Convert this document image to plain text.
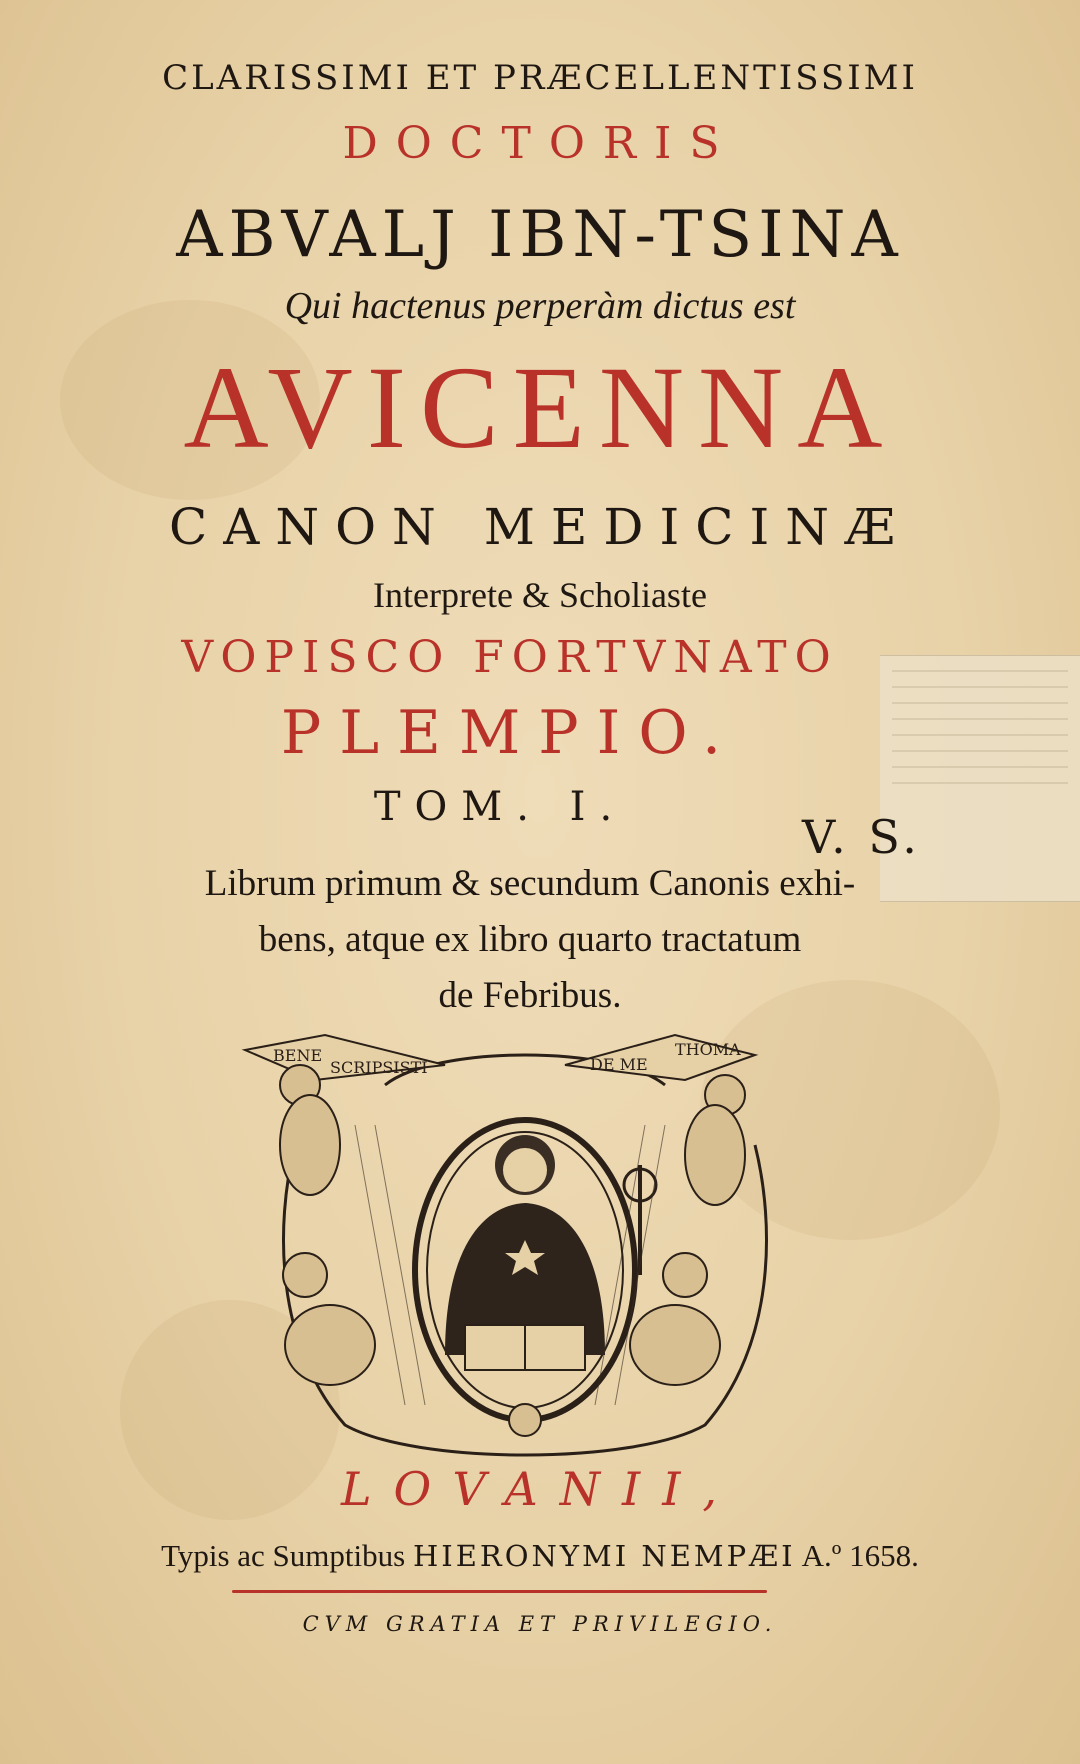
CLARISSIMI ET PRÆCELLENTISSIMI
DOCTORIS
ABVALJ IBN-TSINA
Qui hactenus perperàm dictus est
AVICENNA
CANON MEDICINÆ
Interprete & Scholiaste
VOPISCO FORTVNATO
PLEMPIO.
TOM. I.
V. S.
Librum primum & secundum Canonis exhi-
bens, atque ex libro quarto tractatum
de Febribus.
BENE
SCRIPSISTI	DE ME
THOMA
LOVANII,
Typis ac Sumptibus HIERONYMI NEMPÆI A.º 1658.
CVM GRATIA ET PRIVILEGIO.
